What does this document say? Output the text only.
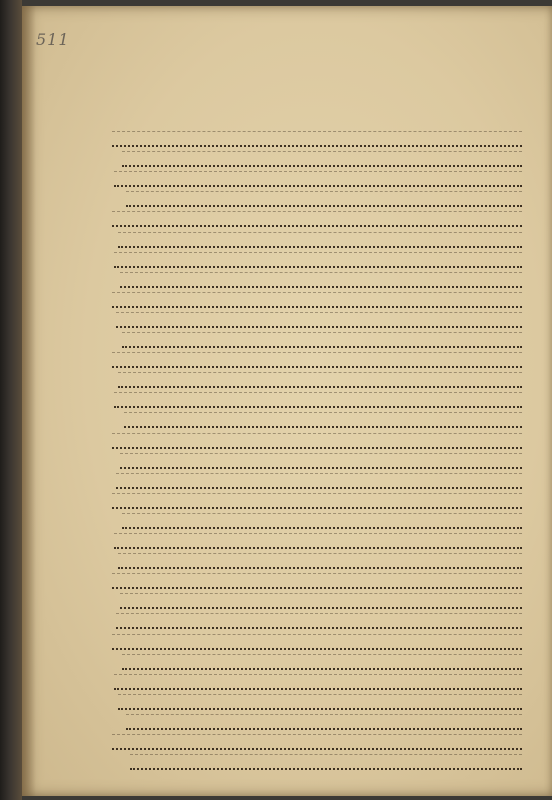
511
